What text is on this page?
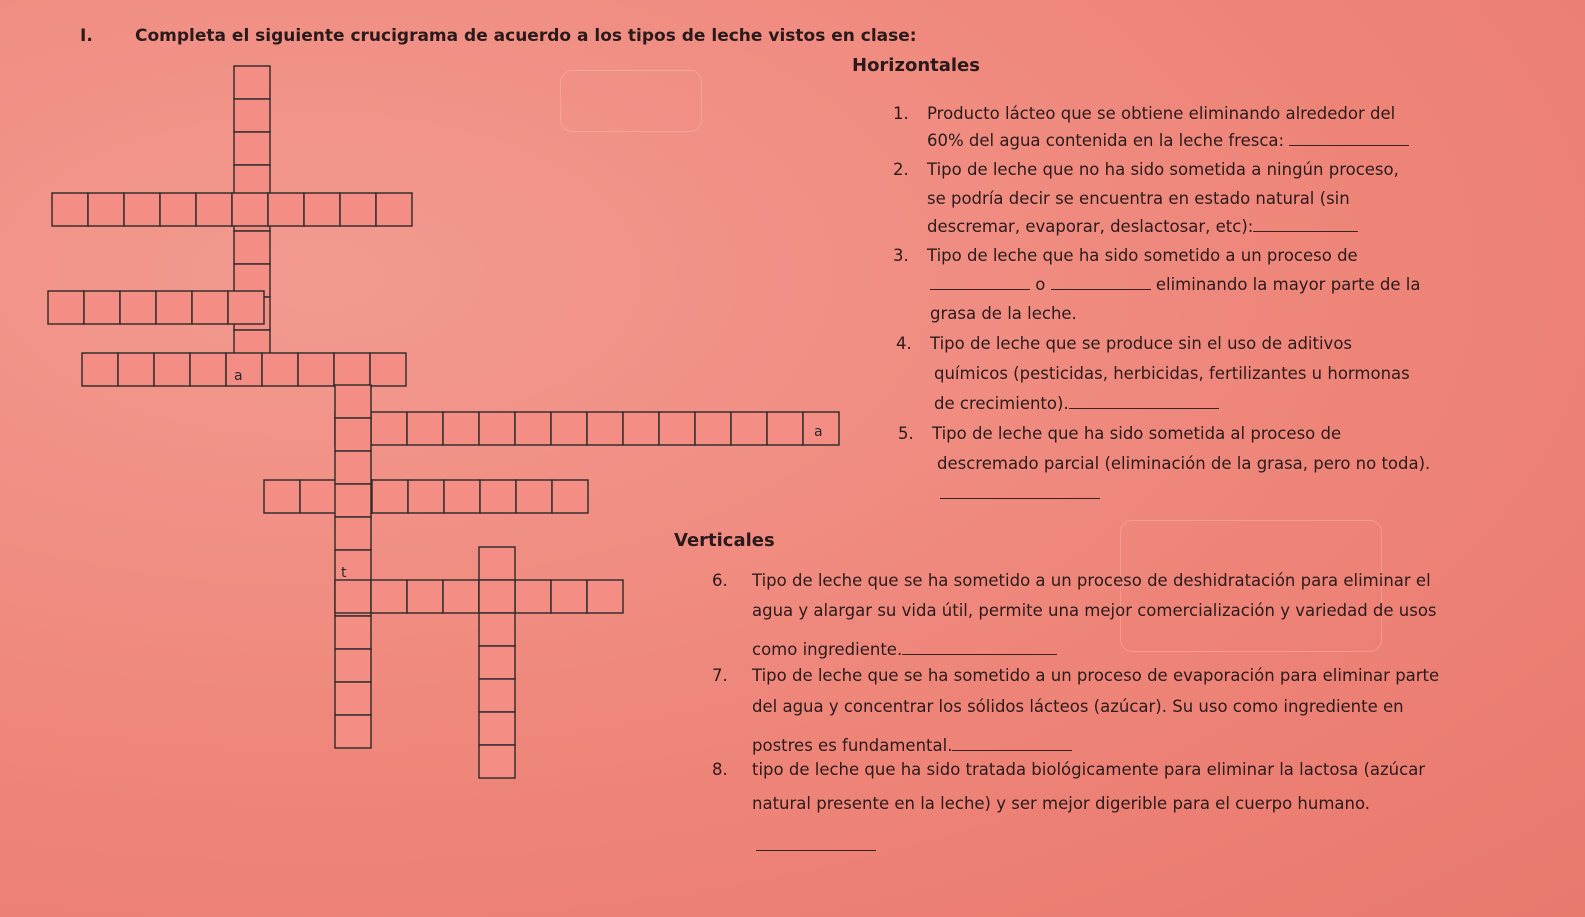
I. Completa el siguiente crucigrama de acuerdo a los tipos de leche vistos en clase:
a
a
t
Horizontales
1. Producto lácteo que se obtiene eliminando alrededor del
60% del agua contenida en la leche fresca:
2. Tipo de leche que no ha sido sometida a ningún proceso,
se podría decir se encuentra en estado natural (sin
descremar, evaporar, deslactosar, etc):
3. Tipo de leche que ha sido sometido a un proceso de
o	eliminando la mayor parte de la
grasa de la leche.
4. Tipo de leche que se produce sin el uso de aditivos
químicos (pesticidas, herbicidas, fertilizantes u hormonas
de crecimiento).
5. Tipo de leche que ha sido sometida al proceso de
descremado parcial (eliminación de la grasa, pero no toda).
Verticales
6. Tipo de leche que se ha sometido a un proceso de deshidratación para eliminar el
agua y alargar su vida útil, permite una mejor comercialización y variedad de usos
como ingrediente.
7. Tipo de leche que se ha sometido a un proceso de evaporación para eliminar parte
del agua y concentrar los sólidos lácteos (azúcar). Su uso como ingrediente en
postres es fundamental.
8. tipo de leche que ha sido tratada biológicamente para eliminar la lactosa (azúcar
natural presente en la leche) y ser mejor digerible para el cuerpo humano.
